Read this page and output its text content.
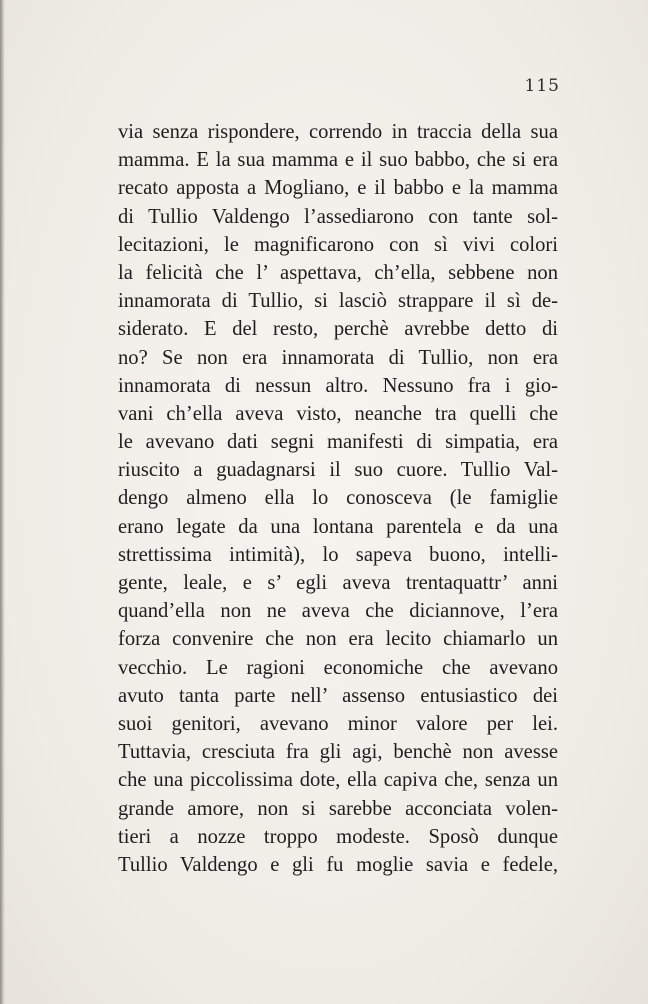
115
via senza rispondere, correndo in traccia della sua
mamma. E la sua mamma e il suo babbo, che si era
recato apposta a Mogliano, e il babbo e la mamma
di Tullio Valdengo l’assediarono con tante sol-
lecitazioni, le magnificarono con sì vivi colori
la felicità che l’ aspettava, ch’ella, sebbene non
innamorata di Tullio, si lasciò strappare il sì de-
siderato. E del resto, perchè avrebbe detto di
no? Se non era innamorata di Tullio, non era
innamorata di nessun altro. Nessuno fra i gio-
vani ch’ella aveva visto, neanche tra quelli che
le avevano dati segni manifesti di simpatia, era
riuscito a guadagnarsi il suo cuore. Tullio Val-
dengo almeno ella lo conosceva (le famiglie
erano legate da una lontana parentela e da una
strettissima intimità), lo sapeva buono, intelli-
gente, leale, e s’ egli aveva trentaquattr’ anni
quand’ella non ne aveva che diciannove, l’era
forza convenire che non era lecito chiamarlo un
vecchio. Le ragioni economiche che avevano
avuto tanta parte nell’ assenso entusiastico dei
suoi genitori, avevano minor valore per lei.
Tuttavia, cresciuta fra gli agi, benchè non avesse
che una piccolissima dote, ella capiva che, senza un
grande amore, non si sarebbe acconciata volen-
tieri a nozze troppo modeste. Sposò dunque
Tullio Valdengo e gli fu moglie savia e fedele,
